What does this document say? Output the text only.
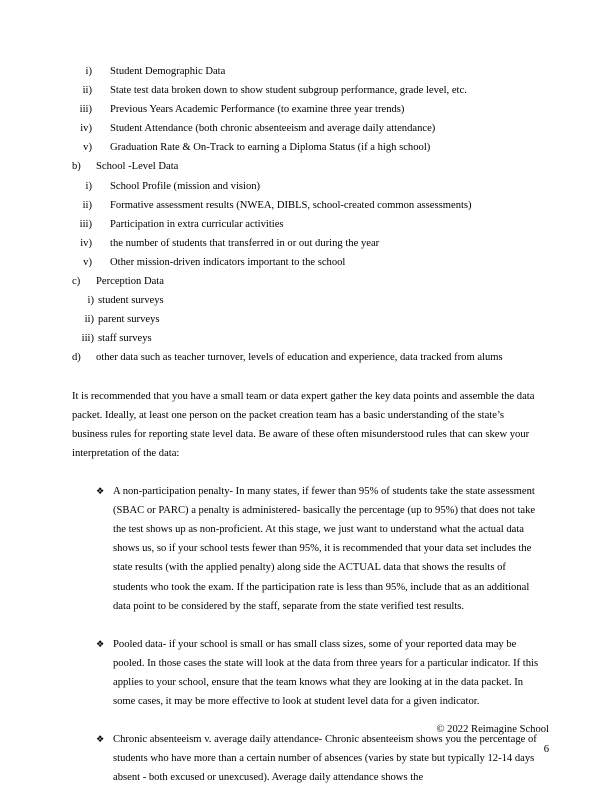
i) Student Demographic Data
ii) State test data broken down to show student subgroup performance, grade level, etc.
iii) Previous Years Academic Performance (to examine three year trends)
iv) Student Attendance (both chronic absenteeism and average daily attendance)
v) Graduation Rate & On-Track to earning a Diploma Status (if a high school)
b)	School -Level Data
i) School Profile (mission and vision)
ii) Formative assessment results (NWEA, DIBLS, school-created common assessments)
iii) Participation in extra curricular activities
iv) the number of students that transferred in or out during the year
v) Other mission-driven indicators important to the school
c)	Perception Data
i) student surveys
ii) parent surveys
iii) staff surveys
d)	other data such as teacher turnover, levels of education and experience, data tracked from alums

It is recommended that you have a small team or data expert gather the key data points and assemble the data packet. Ideally, at least one person on the packet creation team has a basic understanding of the state’s business rules for reporting state level data. Be aware of these often misunderstood rules that can skew your interpretation of the data:

❖ A non-participation penalty- In many states, if fewer than 95% of students take the state assessment (SBAC or PARC) a penalty is administered- basically the percentage (up to 95%) that does not take the test shows up as non-proficient. At this stage, we just want to understand what the actual data shows us, so if your school tests fewer than 95%, it is recommended that your data set includes the state results (with the applied penalty) along side the ACTUAL data that shows the results of students who took the exam. If the participation rate is less than 95%, include that as an additional data point to be considered by the staff, separate from the state verified test results.
❖ Pooled data- if your school is small or has small class sizes, some of your reported data may be pooled. In those cases the state will look at the data from three years for a particular indicator. If this applies to your school, ensure that the team knows what they are looking at in the data packet. In some cases, it may be more effective to look at student level data for a given indicator.
❖ Chronic absenteeism v. average daily attendance- Chronic absenteeism shows you the percentage of students who have more than a certain number of absences (varies by state but typically 12-14 days absent - both excused or unexcused). Average daily attendance shows the
© 2022 Reimagine School
6
